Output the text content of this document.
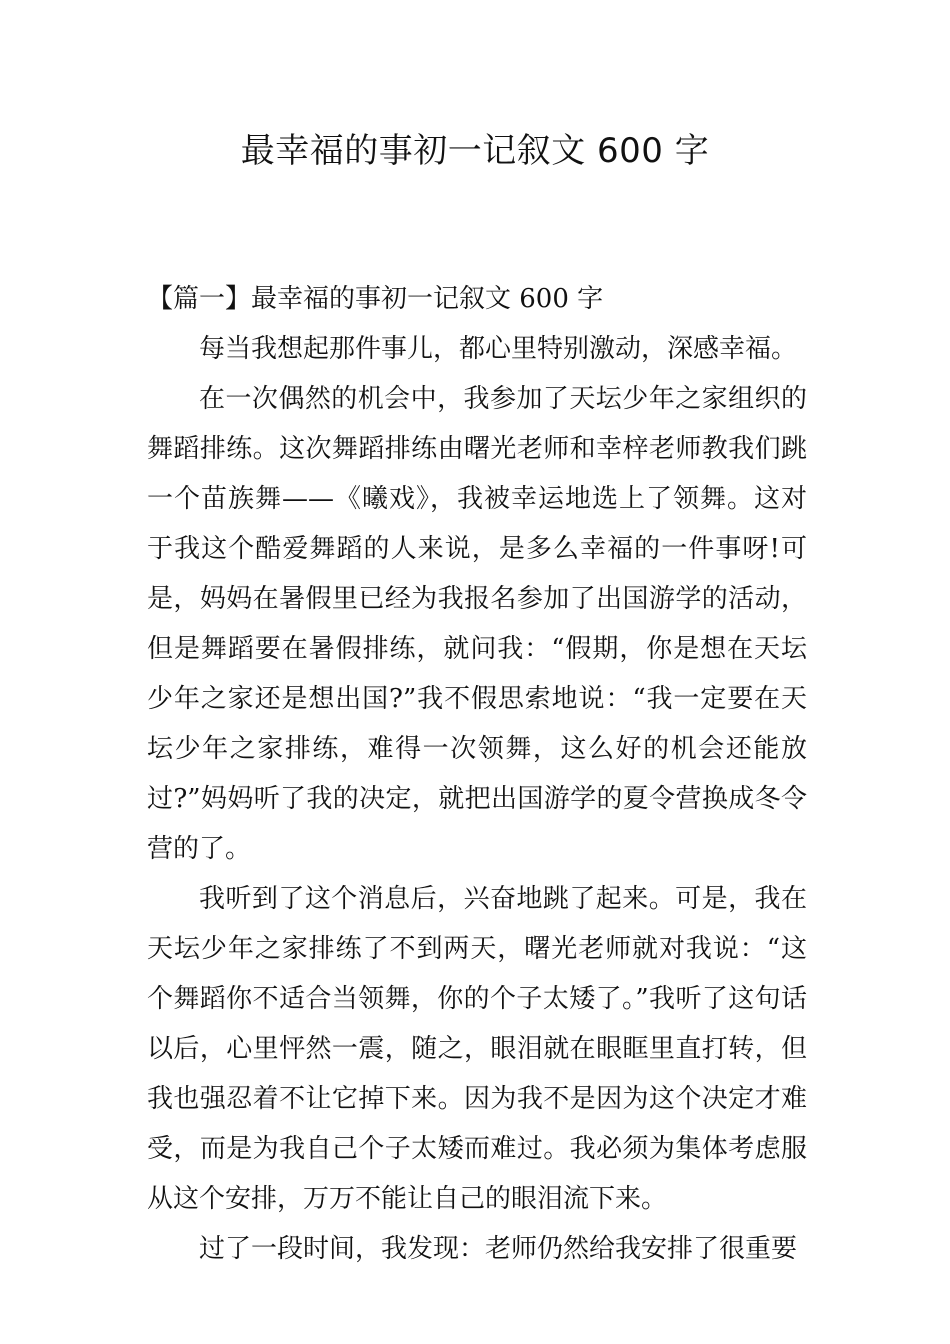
最幸福的事初一记叙文 600 字

【篇一】最幸福的事初一记叙文 600 字

每当我想起那件事儿，都心里特别激动，深感幸福。

在一次偶然的机会中，我参加了天坛少年之家组织的舞蹈排练。这次舞蹈排练由曙光老师和幸梓老师教我们跳一个苗族舞——《曦戏》，我被幸运地选上了领舞。这对于我这个酷爱舞蹈的人来说，是多么幸福的一件事呀!可是，妈妈在暑假里已经为我报名参加了出国游学的活动，但是舞蹈要在暑假排练，就问我：“假期，你是想在天坛少年之家还是想出国?”我不假思索地说：“我一定要在天坛少年之家排练，难得一次领舞，这么好的机会还能放过?”妈妈听了我的决定，就把出国游学的夏令营换成冬令营的了。

我听到了这个消息后，兴奋地跳了起来。可是，我在天坛少年之家排练了不到两天，曙光老师就对我说：“这个舞蹈你不适合当领舞，你的个子太矮了。”我听了这句话以后，心里怦然一震，随之，眼泪就在眼眶里直打转，但我也强忍着不让它掉下来。因为我不是因为这个决定才难受，而是为我自己个子太矮而难过。我必须为集体考虑服从这个安排，万万不能让自己的眼泪流下来。

过了一段时间，我发现：老师仍然给我安排了很重要
